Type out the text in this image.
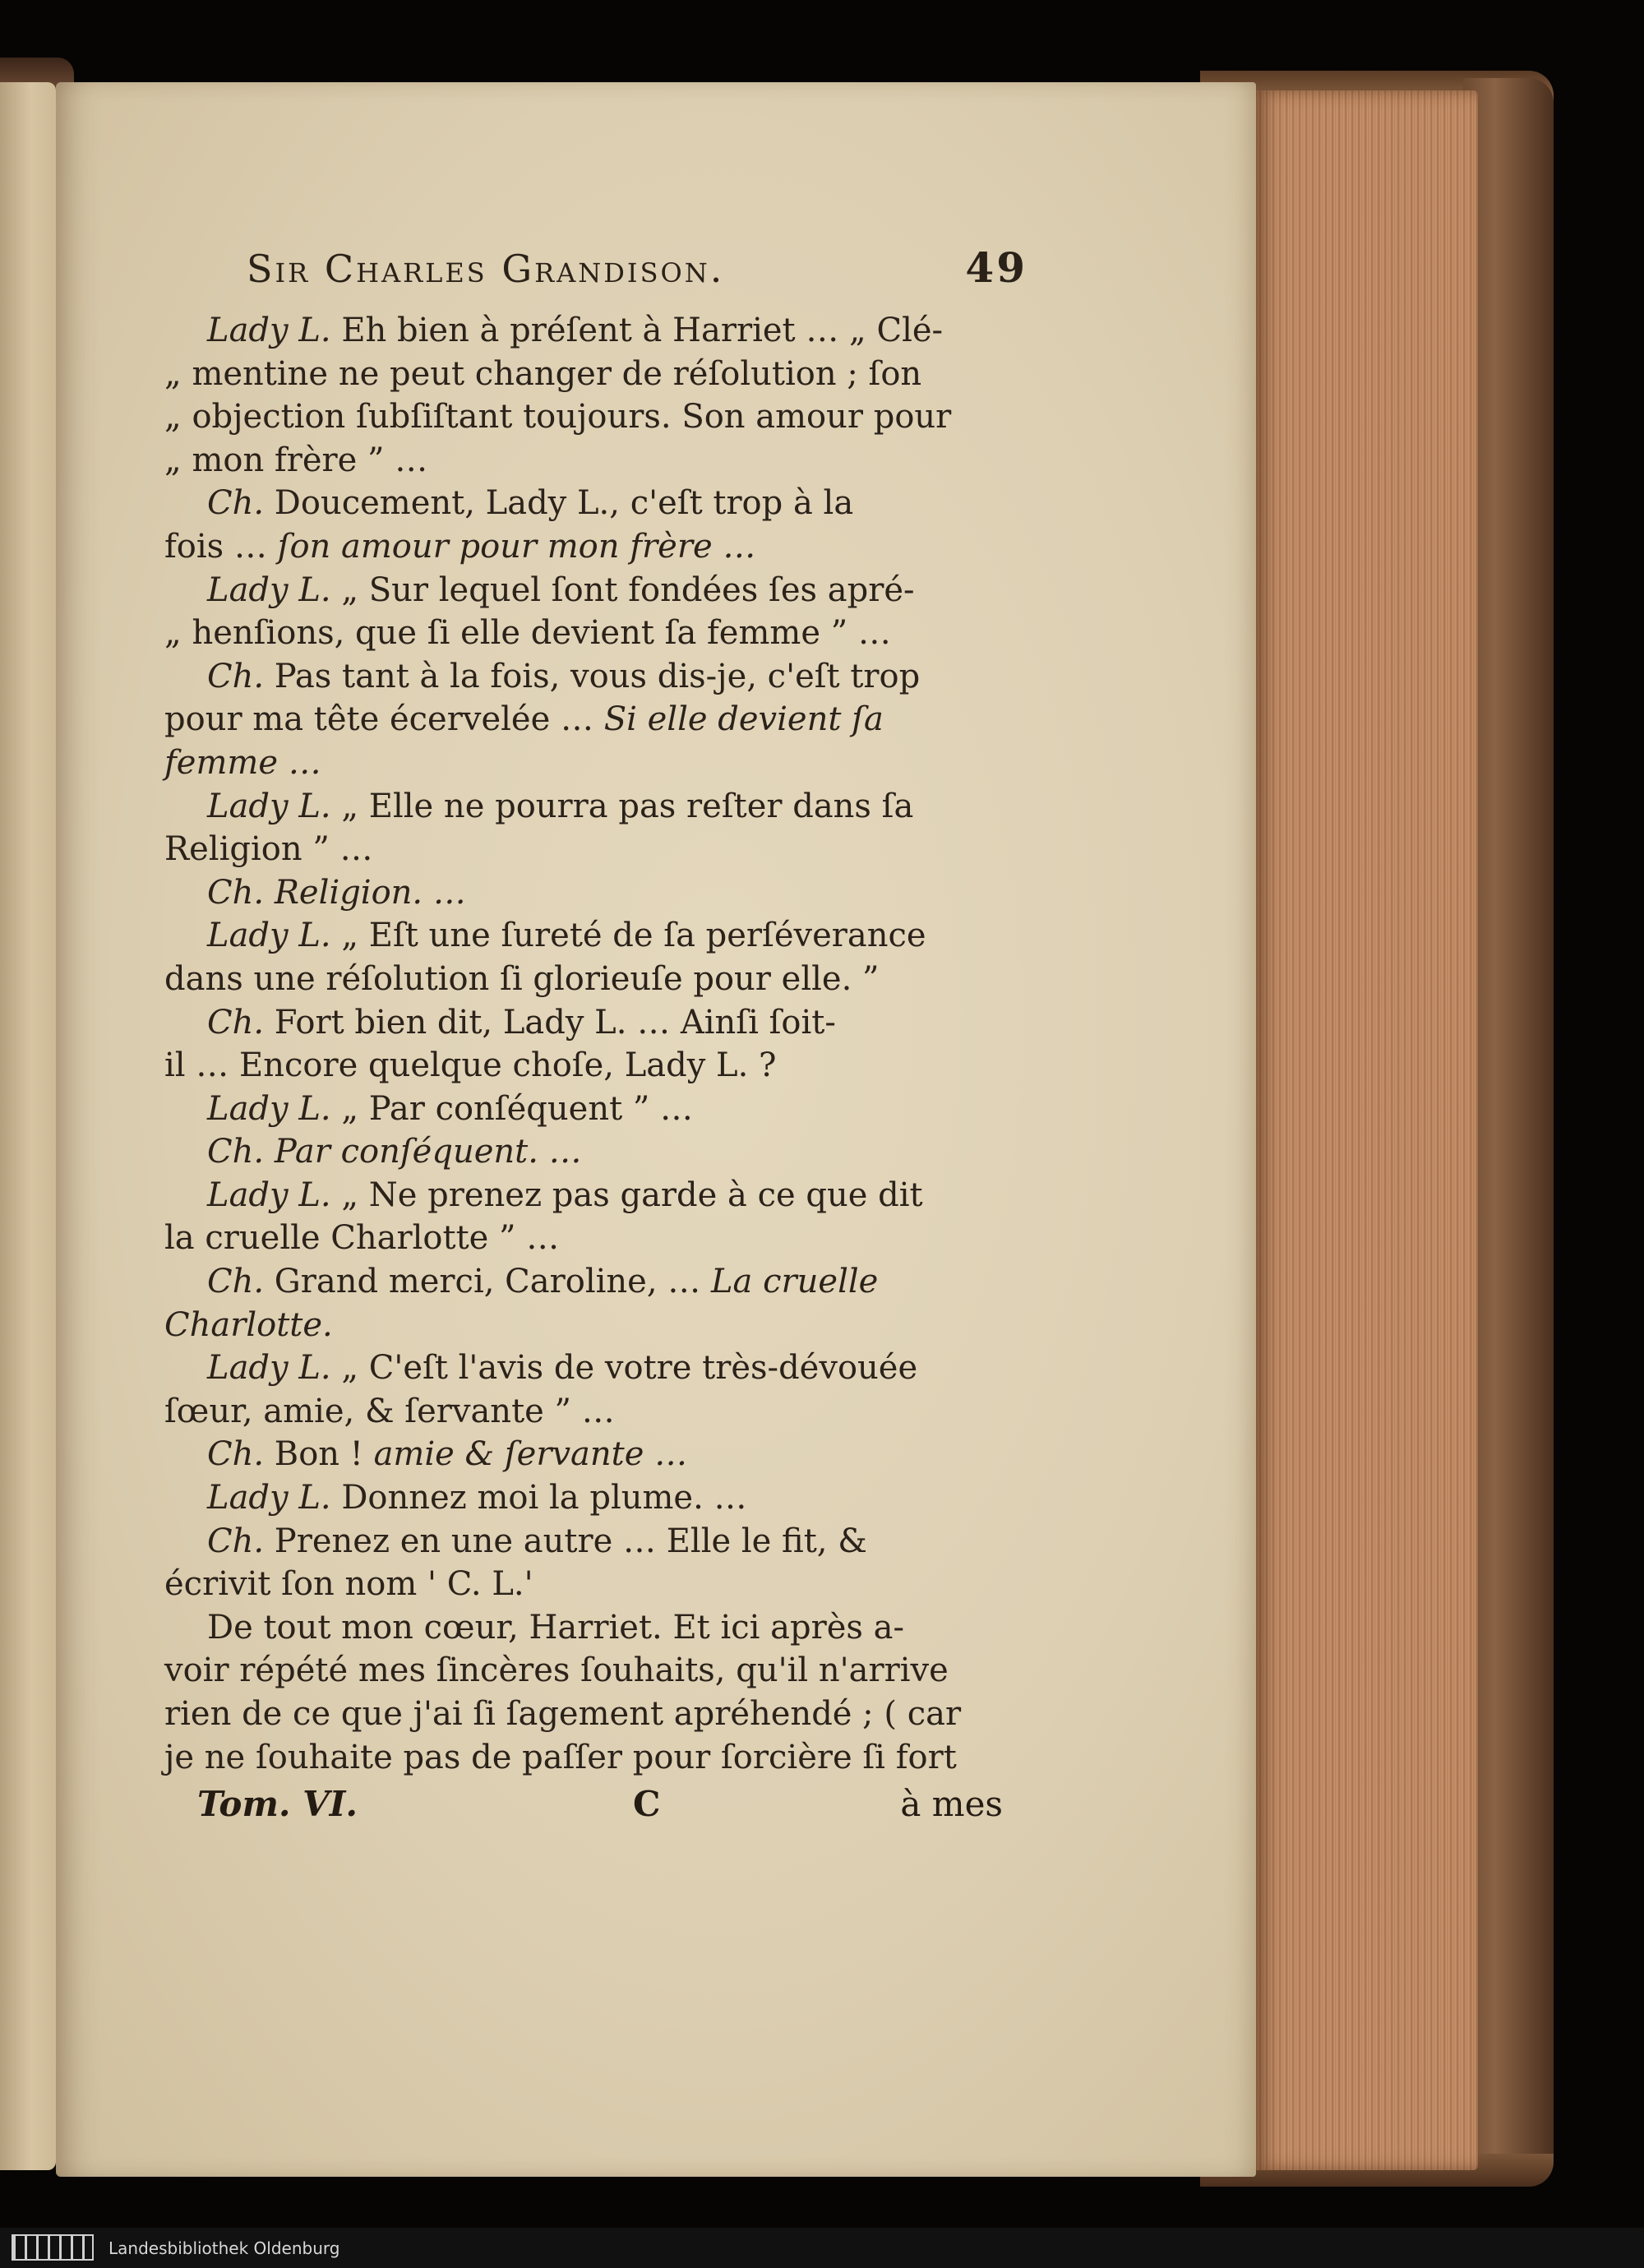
Sir Charles Grandison.	49
Lady L. Eh bien à préſent à Harriet … „ Clé-
„ mentine ne peut changer de réſolution ; ſon
„ objection ſubſiſtant toujours. Son amour pour
„ mon frère ” …
Ch. Doucement, Lady L., c'eſt trop à la
fois … ſon amour pour mon frère …
Lady L. „ Sur lequel ſont fondées ſes apré-
„ henſions, que ſi elle devient ſa femme ” …
Ch. Pas tant à la fois, vous dis-je, c'eſt trop
pour ma tête écervelée … Si elle devient ſa
femme …
Lady L. „ Elle ne pourra pas reſter dans ſa
Religion ” …
Ch. Religion. …
Lady L. „ Eſt une ſureté de ſa perſéverance
dans une réſolution ſi glorieuſe pour elle. ”
Ch. Fort bien dit, Lady L. … Ainſi ſoit-
il … Encore quelque choſe, Lady L. ?
Lady L. „ Par conſéquent ” …
Ch. Par conſéquent. …
Lady L. „ Ne prenez pas garde à ce que dit
la cruelle Charlotte ” …
Ch. Grand merci, Caroline, … La cruelle
Charlotte.
Lady L. „ C'eſt l'avis de votre très-dévouée
ſœur, amie, & ſervante ” …
Ch. Bon ! amie & ſervante …
Lady L. Donnez moi la plume. …
Ch. Prenez en une autre … Elle le fit, &
écrivit ſon nom ' C. L.'
De tout mon cœur, Harriet. Et ici après a-
voir répété mes ſincères ſouhaits, qu'il n'arrive
rien de ce que j'ai ſi ſagement apréhendé ; ( car
je ne ſouhaite pas de paſſer pour ſorcière ſi fort
Tom. VI.	C	à mes
Landesbibliothek Oldenburg
